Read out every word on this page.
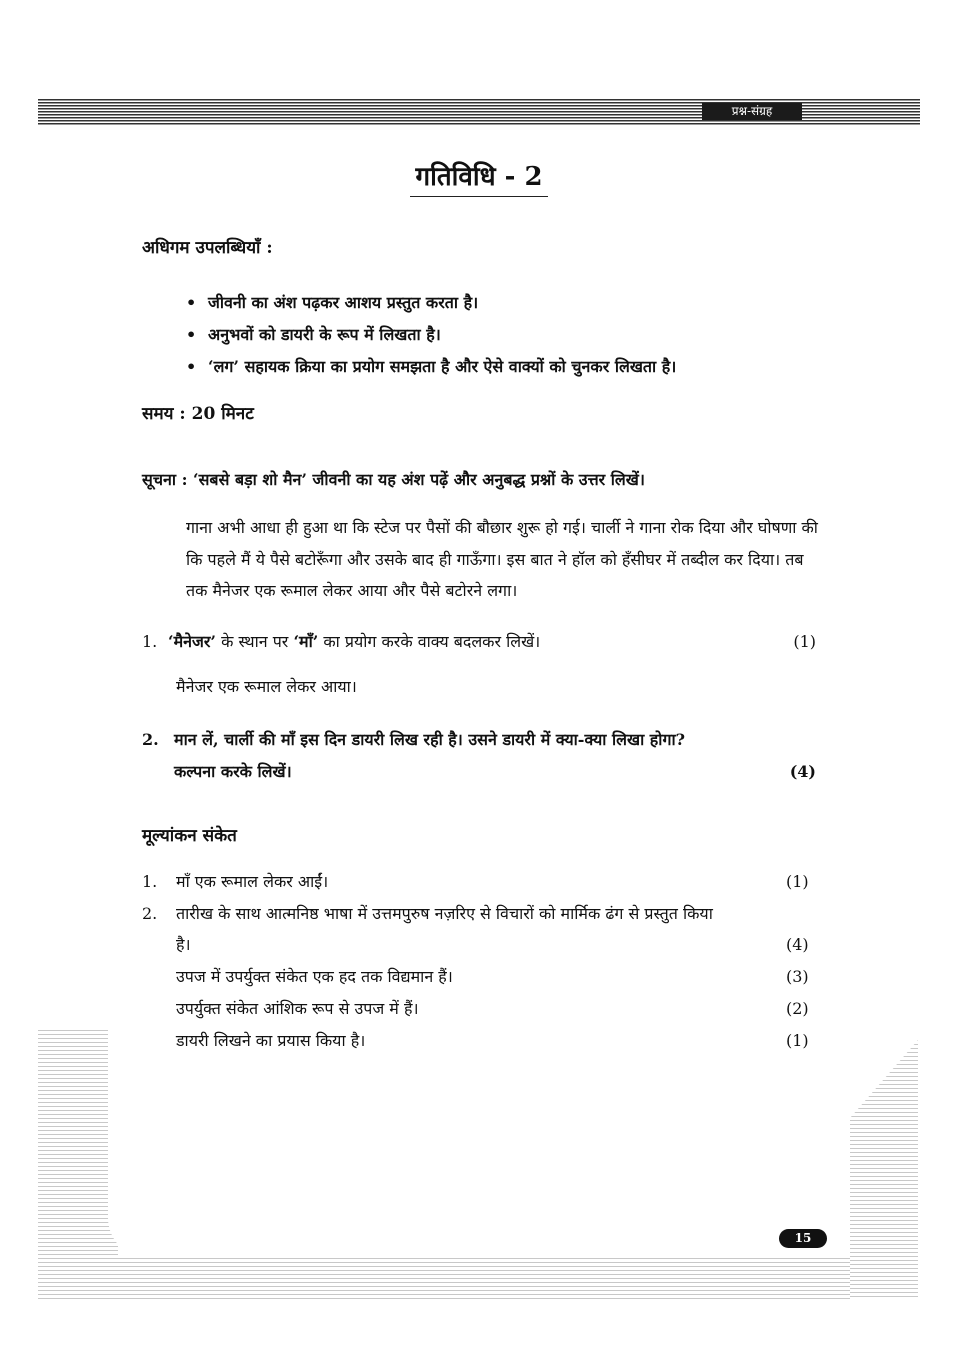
प्रश्न-संग्रह
गतिविधि - 2
अधिगम उपलब्धियाँ :
• जीवनी का अंश पढ़कर आशय प्रस्तुत करता है।
• अनुभवों को डायरी के रूप में लिखता है।
• ‘लग’ सहायक क्रिया का प्रयोग समझता है और ऐसे वाक्यों को चुनकर लिखता है।
समय : 20 मिनट
सूचना : ‘सबसे बड़ा शो मैन’ जीवनी का यह अंश पढ़ें और अनुबद्ध प्रश्नों के उत्तर लिखें।
गाना अभी आधा ही हुआ था कि स्टेज पर पैसों की बौछार शुरू हो गई। चार्ली ने गाना रोक दिया और घोषणा की कि पहले मैं ये पैसे बटोरूँगा और उसके बाद ही गाऊँगा। इस बात ने हॉल को हँसीघर में तब्दील कर दिया। तब तक मैनेजर एक रूमाल लेकर आया और पैसे बटोरने लगा।
1. ‘मैनेजर’ के स्थान पर ‘माँ’ का प्रयोग करके वाक्य बदलकर लिखें।	(1)
मैनेजर एक रूमाल लेकर आया।
2. मान लें, चार्ली की माँ इस दिन डायरी लिख रही है। उसने डायरी में क्या-क्या लिखा होगा?
कल्पना करके लिखें।	(4)
मूल्यांकन संकेत
1. माँ एक रूमाल लेकर आईं।	(1)
2. तारीख के साथ आत्मनिष्ठ भाषा में उत्तमपुरुष नज़रिए से विचारों को मार्मिक ढंग से प्रस्तुत किया
है।	(4)
उपज में उपर्युक्त संकेत एक हद तक विद्यमान हैं।	(3)
उपर्युक्त संकेत आंशिक रूप से उपज में हैं।	(2)
डायरी लिखने का प्रयास किया है।	(1)
15
